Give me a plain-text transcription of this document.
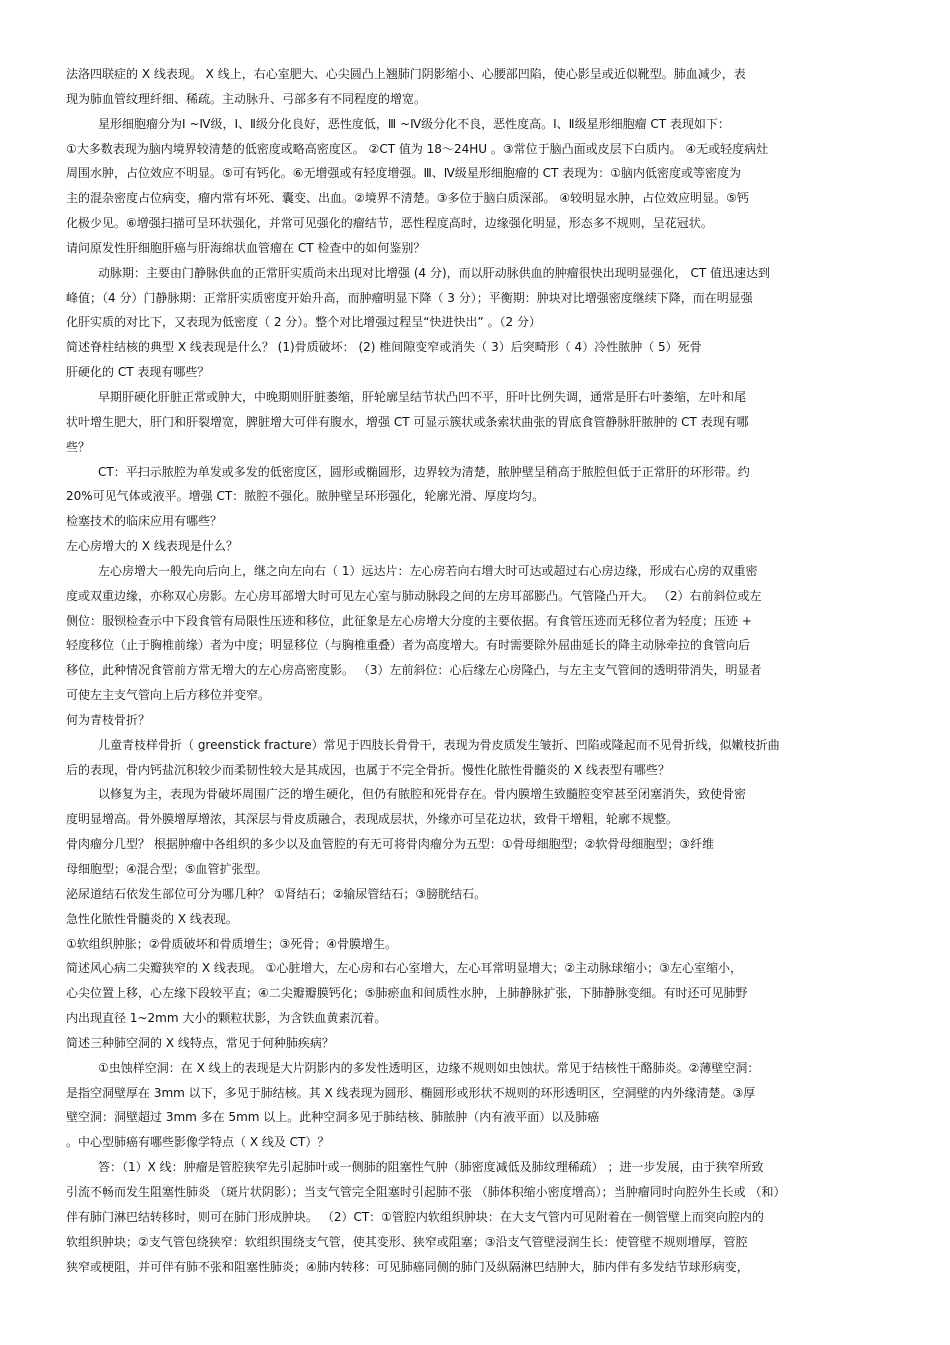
法洛四联症的 X 线表现。 X 线上，右心室肥大、心尖圆凸上翘肺门阴影缩小、心腰部凹陷，使心影呈或近似靴型。肺血减少，表
现为肺血管纹理纤细、稀疏。主动脉升、弓部多有不同程度的增宽。
星形细胞瘤分为Ⅰ ~Ⅳ级，Ⅰ、Ⅱ级分化良好，恶性度低，Ⅲ ~Ⅳ级分化不良，恶性度高。Ⅰ、Ⅱ级星形细胞瘤 CT 表现如下：
①大多数表现为脑内境界较清楚的低密度或略高密度区。 ②CT 值为 18～24HU 。③常位于脑凸面或皮层下白质内。 ④无或轻度病灶
周围水肿，占位效应不明显。⑤可有钙化。⑥无增强或有轻度增强。Ⅲ、Ⅳ级星形细胞瘤的 CT 表现为：①脑内低密度或等密度为
主的混杂密度占位病变，瘤内常有坏死、囊变、出血。②境界不清楚。③多位于脑白质深部。 ④较明显水肿，占位效应明显。⑤钙
化极少见。⑥增强扫描可呈环状强化，并常可见强化的瘤结节，恶性程度高时，边缘强化明显，形态多不规则，呈花冠状。
请问原发性肝细胞肝癌与肝海绵状血管瘤在 CT 检查中的如何鉴别？
动脉期：主要由门静脉供血的正常肝实质尚未出现对比增强 (4 分)，而以肝动脉供血的肿瘤很快出现明显强化， CT 值迅速达到
峰值；（4 分）门静脉期：正常肝实质密度开始升高，而肿瘤明显下降（ 3 分）；平衡期：肿块对比增强密度继续下降，而在明显强
化肝实质的对比下，又表现为低密度（ 2 分）。整个对比增强过程呈“快进快出” 。（2 分）
简述脊柱结核的典型 X 线表现是什么？ (1)骨质破坏： (2) 椎间隙变窄或消失（ 3）后突畸形（ 4）冷性脓肿（ 5）死骨
肝硬化的 CT 表现有哪些？
早期肝硬化肝脏正常或肿大，中晚期则肝脏萎缩，肝轮廓呈结节状凸凹不平，肝叶比例失调，通常是肝右叶萎缩，左叶和尾
状叶增生肥大，肝门和肝裂增宽，脾脏增大可伴有腹水，增强 CT 可显示簇状或条索状曲张的胃底食管静脉肝脓肿的 CT 表现有哪
些？
CT：平扫示脓腔为单发或多发的低密度区，圆形或椭圆形，边界较为清楚，脓肿壁呈稍高于脓腔但低于正常肝的环形带。约
20%可见气体或液平。增强 CT：脓腔不强化。脓肿壁呈环形强化，轮廓光滑、厚度均匀。
检塞技术的临床应用有哪些？
左心房增大的 X 线表现是什么？
左心房增大一般先向后向上，继之向左向右（ 1）远达片：左心房若向右增大时可达或超过右心房边缘，形成右心房的双重密
度或双重边缘，亦称双心房影。左心房耳部增大时可见左心室与肺动脉段之间的左房耳部膨凸。气管隆凸开大。 （2）右前斜位或左
侧位：服钡检查示中下段食管有局限性压迹和移位，此征象是左心房增大分度的主要依据。有食管压迹而无移位者为轻度；压迹 +
轻度移位（止于胸椎前缘）者为中度；明显移位（与胸椎重叠）者为高度增大。有时需要除外屈曲延长的降主动脉牵拉的食管向后
移位，此种情况食管前方常无增大的左心房高密度影。 （3）左前斜位：心后缘左心房隆凸，与左主支气管间的透明带消失，明显者
可使左主支气管向上后方移位并变窄。
何为青枝骨折？
儿童青枝样骨折（ greenstick fracture）常见于四肢长骨骨干，表现为骨皮质发生皱折、凹陷或隆起而不见骨折线，似嫩枝折曲
后的表现，骨内钙盐沉积较少而柔韧性较大是其成因，也属于不完全骨折。慢性化脓性骨髓炎的 X 线表型有哪些？
以修复为主，表现为骨破坏周围广泛的增生硬化，但仍有脓腔和死骨存在。骨内膜增生致髓腔变窄甚至闭塞消失，致使骨密
度明显增高。骨外膜增厚增浓，其深层与骨皮质融合，表现成层状，外缘亦可呈花边状，致骨干增粗，轮廓不规整。
骨肉瘤分几型？ 根据肿瘤中各组织的多少以及血管腔的有无可将骨肉瘤分为五型：①骨母细胞型；②软骨母细胞型；③纤维
母细胞型；④混合型；⑤血管扩张型。
泌尿道结石依发生部位可分为哪几种？ ①肾结石；②输尿管结石；③膀胱结石。
急性化脓性骨髓炎的 X 线表现。
①软组织肿胀；②骨质破坏和骨质增生；③死骨；④骨膜增生。
简述风心病二尖瓣狭窄的 X 线表现。 ①心脏增大，左心房和右心室增大，左心耳常明显增大；②主动脉球缩小；③左心室缩小，
心尖位置上移，心左缘下段较平直；④二尖瓣瓣膜钙化；⑤肺瘀血和间质性水肿，上肺静脉扩张，下肺静脉变细。有时还可见肺野
内出现直径 1~2mm 大小的颗粒状影，为含铁血黄素沉着。
简述三种肺空洞的 X 线特点，常见于何种肺疾病？
①虫蚀样空洞：在 X 线上的表现是大片阴影内的多发性透明区，边缘不规则如虫蚀状。常见于结核性干酪肺炎。②薄壁空洞：
是指空洞壁厚在 3mm 以下，多见于肺结核。其 X 线表现为圆形、椭圆形或形状不规则的环形透明区，空洞壁的内外缘清楚。③厚
壁空洞：洞壁超过 3mm 多在 5mm 以上。此种空洞多见于肺结核、肺脓肿（内有液平面）以及肺癌
。中心型肺癌有哪些影像学特点（ X 线及 CT）？
答：（1）X 线：肿瘤是管腔狭窄先引起肺叶或一侧肺的阻塞性气肿（肺密度减低及肺纹理稀疏） ；进一步发展，由于狭窄所致
引流不畅而发生阻塞性肺炎 （斑片状阴影）；当支气管完全阻塞时引起肺不张 （肺体积缩小密度增高）；当肿瘤同时向腔外生长或 （和）
伴有肺门淋巴结转移时，则可在肺门形成肿块。 （2）CT：①管腔内软组织肿块：在大支气管内可见附着在一侧管壁上而突向腔内的
软组织肿块；②支气管包绕狭窄：软组织围绕支气管，使其变形、狭窄或阻塞；③沿支气管壁浸润生长：使管壁不规则增厚，管腔
狭窄或梗阻，并可伴有肺不张和阻塞性肺炎；④肺内转移：可见肺癌同侧的肺门及纵隔淋巴结肿大，肺内伴有多发结节球形病变，
